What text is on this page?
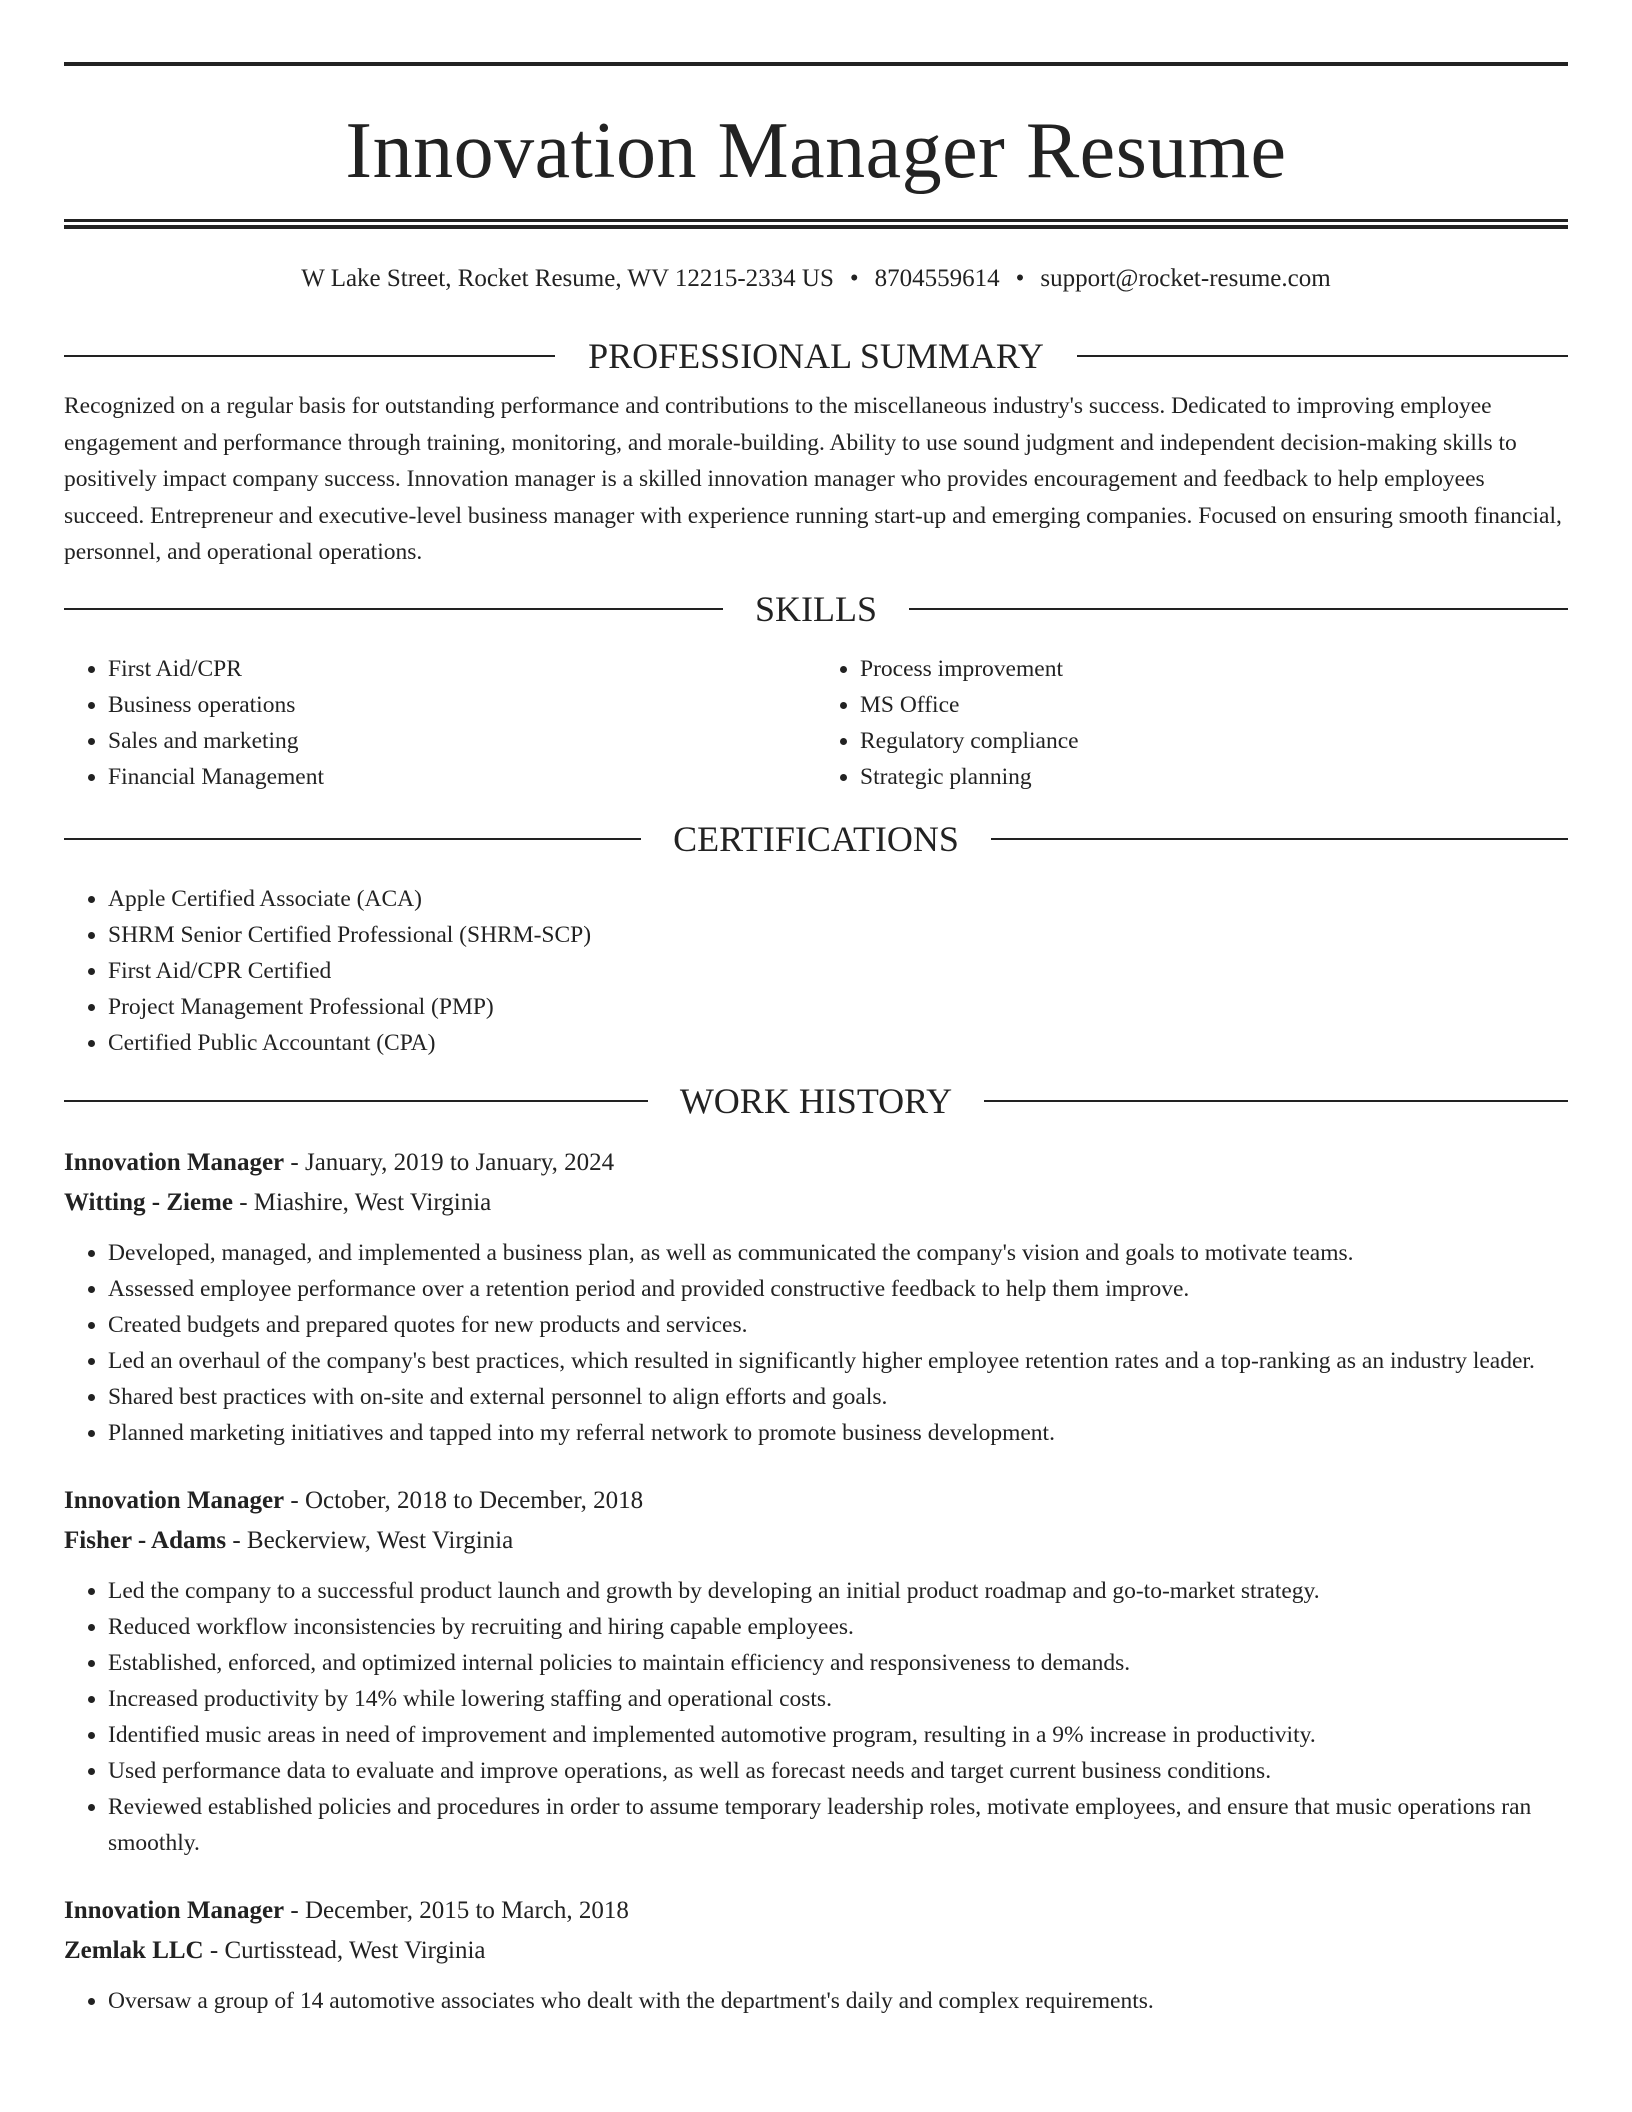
Innovation Manager Resume
W Lake Street, Rocket Resume, WV 12215-2334 US • 8704559614 • support@rocket-resume.com
PROFESSIONAL SUMMARY
Recognized on a regular basis for outstanding performance and contributions to the miscellaneous industry's success. Dedicated to improving employee engagement and performance through training, monitoring, and morale-building. Ability to use sound judgment and independent decision-making skills to positively impact company success. Innovation manager is a skilled innovation manager who provides encouragement and feedback to help employees succeed. Entrepreneur and executive-level business manager with experience running start-up and emerging companies. Focused on ensuring smooth financial, personnel, and operational operations.
SKILLS
• First Aid/CPR
• Business operations
• Sales and marketing
• Financial Management
• Process improvement
• MS Office
• Regulatory compliance
• Strategic planning
CERTIFICATIONS
• Apple Certified Associate (ACA)
• SHRM Senior Certified Professional (SHRM-SCP)
• First Aid/CPR Certified
• Project Management Professional (PMP)
• Certified Public Accountant (CPA)
WORK HISTORY
Innovation Manager - January, 2019 to January, 2024
Witting - Zieme - Miashire, West Virginia
• Developed, managed, and implemented a business plan, as well as communicated the company's vision and goals to motivate teams.
• Assessed employee performance over a retention period and provided constructive feedback to help them improve.
• Created budgets and prepared quotes for new products and services.
• Led an overhaul of the company's best practices, which resulted in significantly higher employee retention rates and a top-ranking as an industry leader.
• Shared best practices with on-site and external personnel to align efforts and goals.
• Planned marketing initiatives and tapped into my referral network to promote business development.
Innovation Manager - October, 2018 to December, 2018
Fisher - Adams - Beckerview, West Virginia
• Led the company to a successful product launch and growth by developing an initial product roadmap and go-to-market strategy.
• Reduced workflow inconsistencies by recruiting and hiring capable employees.
• Established, enforced, and optimized internal policies to maintain efficiency and responsiveness to demands.
• Increased productivity by 14% while lowering staffing and operational costs.
• Identified music areas in need of improvement and implemented automotive program, resulting in a 9% increase in productivity.
• Used performance data to evaluate and improve operations, as well as forecast needs and target current business conditions.
• Reviewed established policies and procedures in order to assume temporary leadership roles, motivate employees, and ensure that music operations ran smoothly.
Innovation Manager - December, 2015 to March, 2018
Zemlak LLC - Curtisstead, West Virginia
• Oversaw a group of 14 automotive associates who dealt with the department's daily and complex requirements.
